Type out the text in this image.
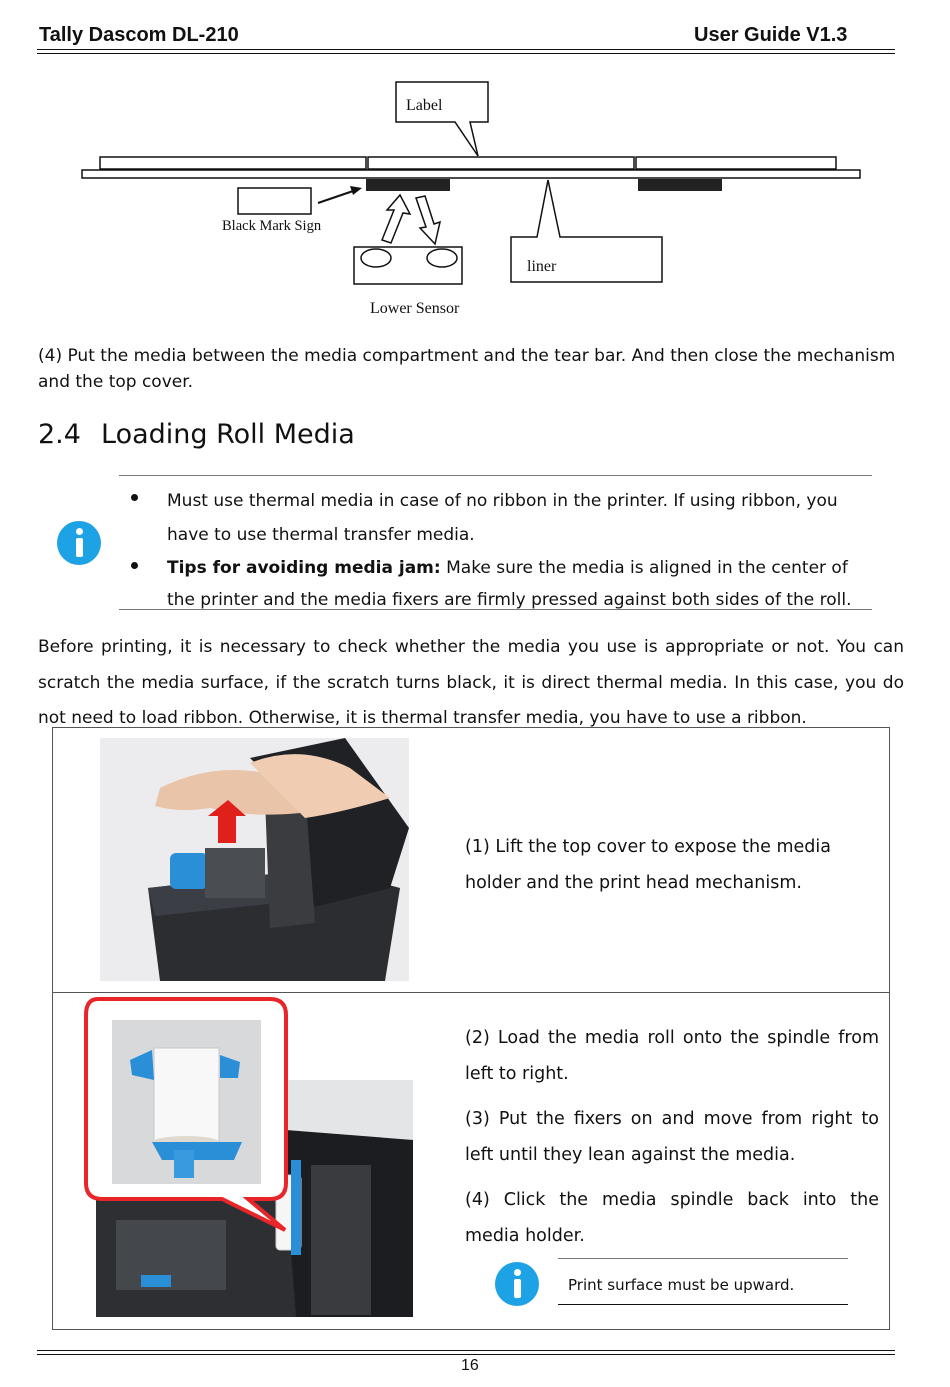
Tally Dascom DL-210	User Guide V1.3
Label
Black Mark Sign
liner
Lower Sensor
(4) Put the media between the media compartment and the tear bar. And then close the mechanism and the top cover.
2.4 Loading Roll Media
Must use thermal media in case of no ribbon in the printer. If using ribbon, you have to use thermal transfer media.
Tips for avoiding media jam: Make sure the media is aligned in the center of the printer and the media fixers are firmly pressed against both sides of the roll.
Before printing, it is necessary to check whether the media you use is appropriate or not. You can scratch the media surface, if the scratch turns black, it is direct thermal media. In this case, you do not need to load ribbon. Otherwise, it is thermal transfer media, you have to use a ribbon.
(1) Lift the top cover to expose the media holder and the print head mechanism.
(2) Load the media roll onto the spindle from left to right.
(3) Put the fixers on and move from right to left until they lean against the media.
(4) Click the media spindle back into the media holder.
Print surface must be upward.
16
